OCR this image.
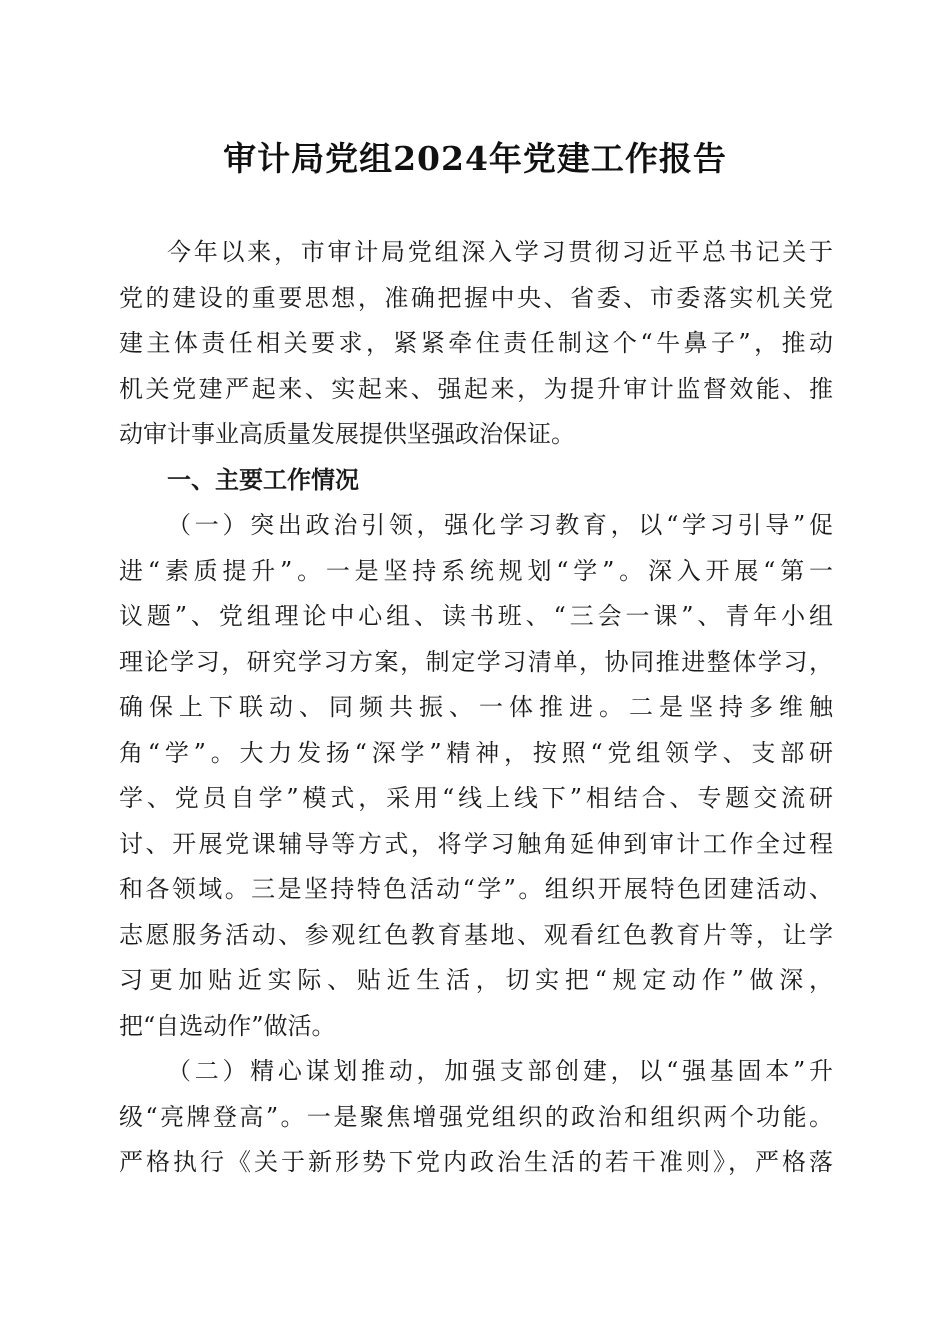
审计局党组2024年党建工作报告
今年以来，市审计局党组深入学习贯彻习近平总书记关于
党的建设的重要思想，准确把握中央、省委、市委落实机关党
建主体责任相关要求，紧紧牵住责任制这个“牛鼻子”，推动
机关党建严起来、实起来、强起来，为提升审计监督效能、推
动审计事业高质量发展提供坚强政治保证。
一、主要工作情况
（一）突出政治引领，强化学习教育，以“学习引导”促
进“素质提升”。一是坚持系统规划“学”。深入开展“第一
议题”、党组理论中心组、读书班、“三会一课”、青年小组
理论学习，研究学习方案，制定学习清单，协同推进整体学习，
确保上下联动、同频共振、一体推进。二是坚持多维触
角“学”。大力发扬“深学”精神，按照“党组领学、支部研
学、党员自学”模式，采用“线上线下”相结合、专题交流研
讨、开展党课辅导等方式，将学习触角延伸到审计工作全过程
和各领域。三是坚持特色活动“学”。组织开展特色团建活动、
志愿服务活动、参观红色教育基地、观看红色教育片等，让学
习更加贴近实际、贴近生活，切实把“规定动作”做深，
把“自选动作”做活。
（二）精心谋划推动，加强支部创建，以“强基固本”升
级“亮牌登高”。一是聚焦增强党组织的政治和组织两个功能。
严格执行《关于新形势下党内政治生活的若干准则》，严格落
